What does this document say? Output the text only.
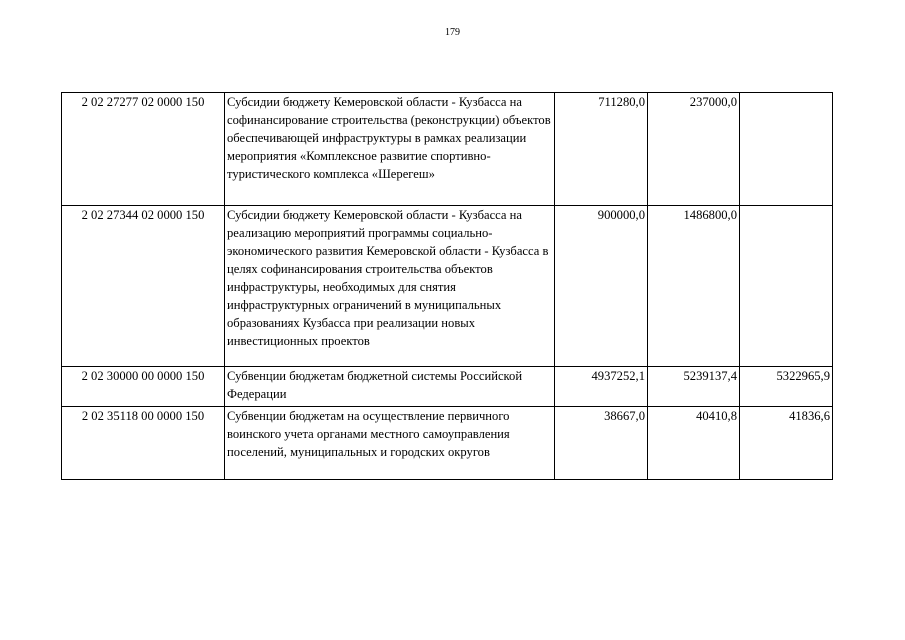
179
2 02 27277 02 0000 150	Субсидии бюджету Кемеровской области - Кузбасса на софинансирование строительства (реконструкции) объектов обеспечивающей инфраструктуры в рамках реализации мероприятия «Комплексное развитие спортивно-туристического комплекса «Шерегеш»	711280,0	237000,0	
2 02 27344 02 0000 150	Субсидии бюджету Кемеровской области - Кузбасса на реализацию мероприятий программы социально-экономического развития Кемеровской области - Кузбасса в целях софинансирования строительства объектов инфраструктуры, необходимых для снятия инфраструктурных ограничений в муниципальных образованиях Кузбасса при реализации новых инвестиционных проектов	900000,0	1486800,0	
2 02 30000 00 0000 150	Субвенции бюджетам бюджетной системы Российской Федерации	4937252,1	5239137,4	5322965,9
2 02 35118 00 0000 150	Субвенции бюджетам на осуществление первичного воинского учета органами местного самоуправления поселений, муниципальных и городских округов	38667,0	40410,8	41836,6
